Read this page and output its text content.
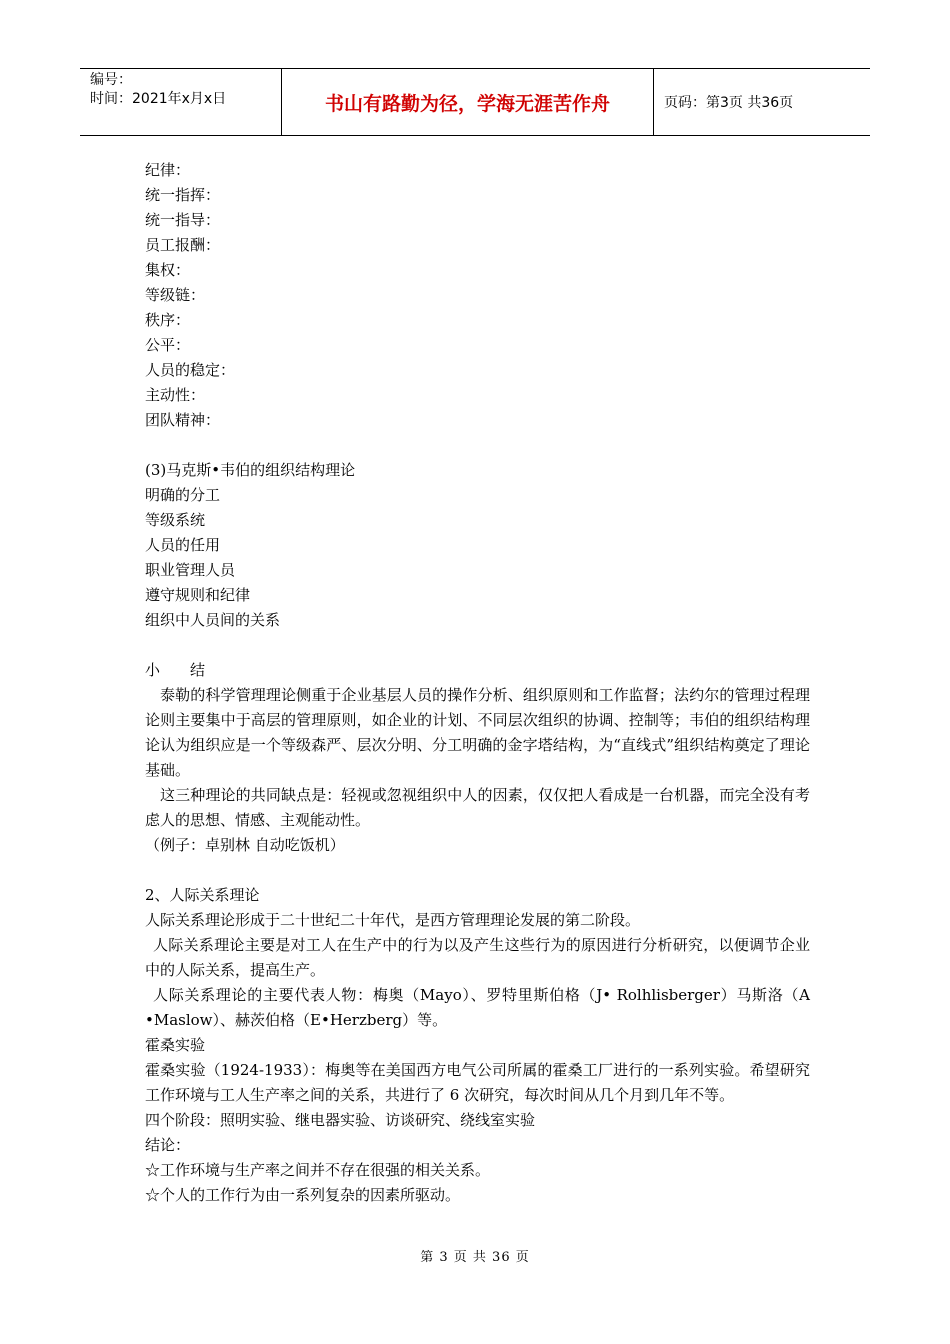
编号：
时间：2021年x月x日	书山有路勤为径，学海无涯苦作舟	页码：第3页 共36页
纪律：
统一指挥：
统一指导：
员工报酬：
集权：
等级链：
秩序：
公平：
人员的稳定：
主动性：
团队精神：
(3)马克斯•韦伯的组织结构理论
明确的分工
等级系统
人员的任用
职业管理人员
遵守规则和纪律
组织中人员间的关系
小　　结
泰勒的科学管理理论侧重于企业基层人员的操作分析、组织原则和工作监督；法约尔的管理过程理论则主要集中于高层的管理原则，如企业的计划、不同层次组织的协调、控制等；韦伯的组织结构理论认为组织应是一个等级森严、层次分明、分工明确的金字塔结构，为“直线式”组织结构奠定了理论基础。
这三种理论的共同缺点是：轻视或忽视组织中人的因素，仅仅把人看成是一台机器，而完全没有考虑人的思想、情感、主观能动性。
（例子：卓别林 自动吃饭机）
2、人际关系理论
人际关系理论形成于二十世纪二十年代，是西方管理理论发展的第二阶段。
人际关系理论主要是对工人在生产中的行为以及产生这些行为的原因进行分析研究，以便调节企业中的人际关系，提高生产。
人际关系理论的主要代表人物：梅奥（Mayo）、罗特里斯伯格（J• Rolhlisberger）马斯洛（A •Maslow）、赫茨伯格（E•Herzberg）等。
霍桑实验
霍桑实验（1924-1933）：梅奥等在美国西方电气公司所属的霍桑工厂进行的一系列实验。希望研究工作环境与工人生产率之间的关系，共进行了 6 次研究，每次时间从几个月到几年不等。
四个阶段：照明实验、继电器实验、访谈研究、绕线室实验
结论：
☆工作环境与生产率之间并不存在很强的相关关系。
☆个人的工作行为由一系列复杂的因素所驱动。
第 3 页 共 36 页
